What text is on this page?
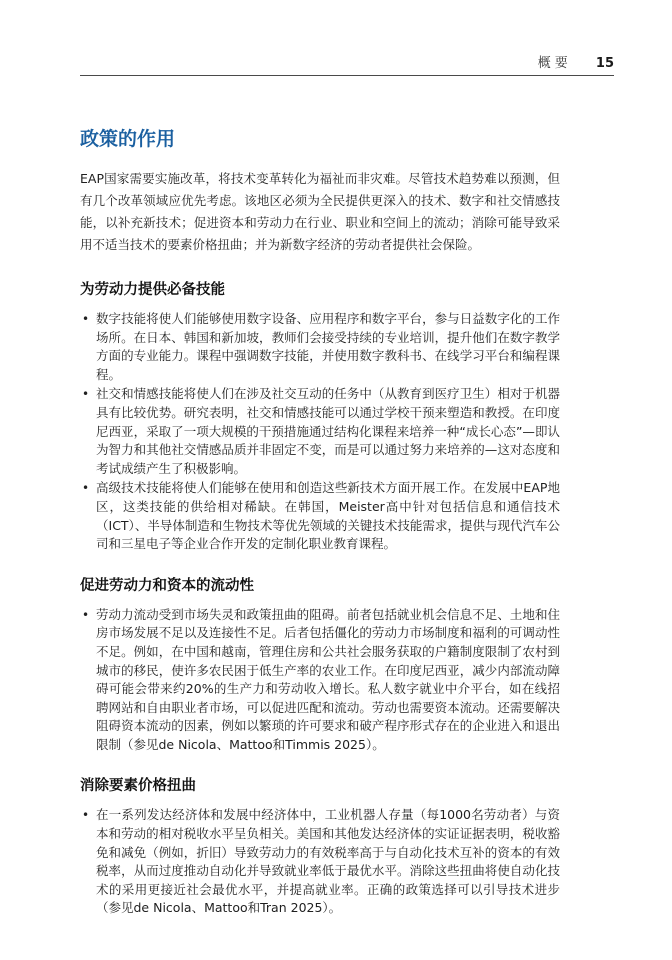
概要 15
政策的作用

EAP国家需要实施改革，将技术变革转化为福祉而非灾难。尽管技术趋势难以预测，但有几个改革领域应优先考虑。该地区必须为全民提供更深入的技术、数字和社交情感技能，以补充新技术；促进资本和劳动力在行业、职业和空间上的流动；消除可能导致采用不适当技术的要素价格扭曲；并为新数字经济的劳动者提供社会保险。

为劳动力提供必备技能
• 数字技能将使人们能够使用数字设备、应用程序和数字平台，参与日益数字化的工作场所。在日本、韩国和新加坡，教师们会接受持续的专业培训，提升他们在数字教学方面的专业能力。课程中强调数字技能，并使用数字教科书、在线学习平台和编程课程。
• 社交和情感技能将使人们在涉及社交互动的任务中（从教育到医疗卫生）相对于机器具有比较优势。研究表明，社交和情感技能可以通过学校干预来塑造和教授。在印度尼西亚，采取了一项大规模的干预措施通过结构化课程来培养一种“成长心态”—即认为智力和其他社交情感品质并非固定不变，而是可以通过努力来培养的—这对态度和考试成绩产生了积极影响。
• 高级技术技能将使人们能够在使用和创造这些新技术方面开展工作。在发展中EAP地区，这类技能的供给相对稀缺。在韩国，Meister高中针对包括信息和通信技术（ICT）、半导体制造和生物技术等优先领域的关键技术技能需求，提供与现代汽车公司和三星电子等企业合作开发的定制化职业教育课程。
促进劳动力和资本的流动性
• 劳动力流动受到市场失灵和政策扭曲的阻碍。前者包括就业机会信息不足、土地和住房市场发展不足以及连接性不足。后者包括僵化的劳动力市场制度和福利的可调动性不足。例如，在中国和越南，管理住房和公共社会服务获取的户籍制度限制了农村到城市的移民，使许多农民困于低生产率的农业工作。在印度尼西亚，减少内部流动障碍可能会带来约20%的生产力和劳动收入增长。私人数字就业中介平台，如在线招聘网站和自由职业者市场，可以促进匹配和流动。劳动也需要资本流动。还需要解决阻碍资本流动的因素，例如以繁琐的许可要求和破产程序形式存在的企业进入和退出限制（参见de Nicola、Mattoo和Timmis 2025）。
消除要素价格扭曲
• 在一系列发达经济体和发展中经济体中，工业机器人存量（每1000名劳动者）与资本和劳动的相对税收水平呈负相关。美国和其他发达经济体的实证证据表明，税收豁免和减免（例如，折旧）导致劳动力的有效税率高于与自动化技术互补的资本的有效税率，从而过度推动自动化并导致就业率低于最优水平。消除这些扭曲将使自动化技术的采用更接近社会最优水平，并提高就业率。正确的政策选择可以引导技术进步（参见de Nicola、Mattoo和Tran 2025）。
